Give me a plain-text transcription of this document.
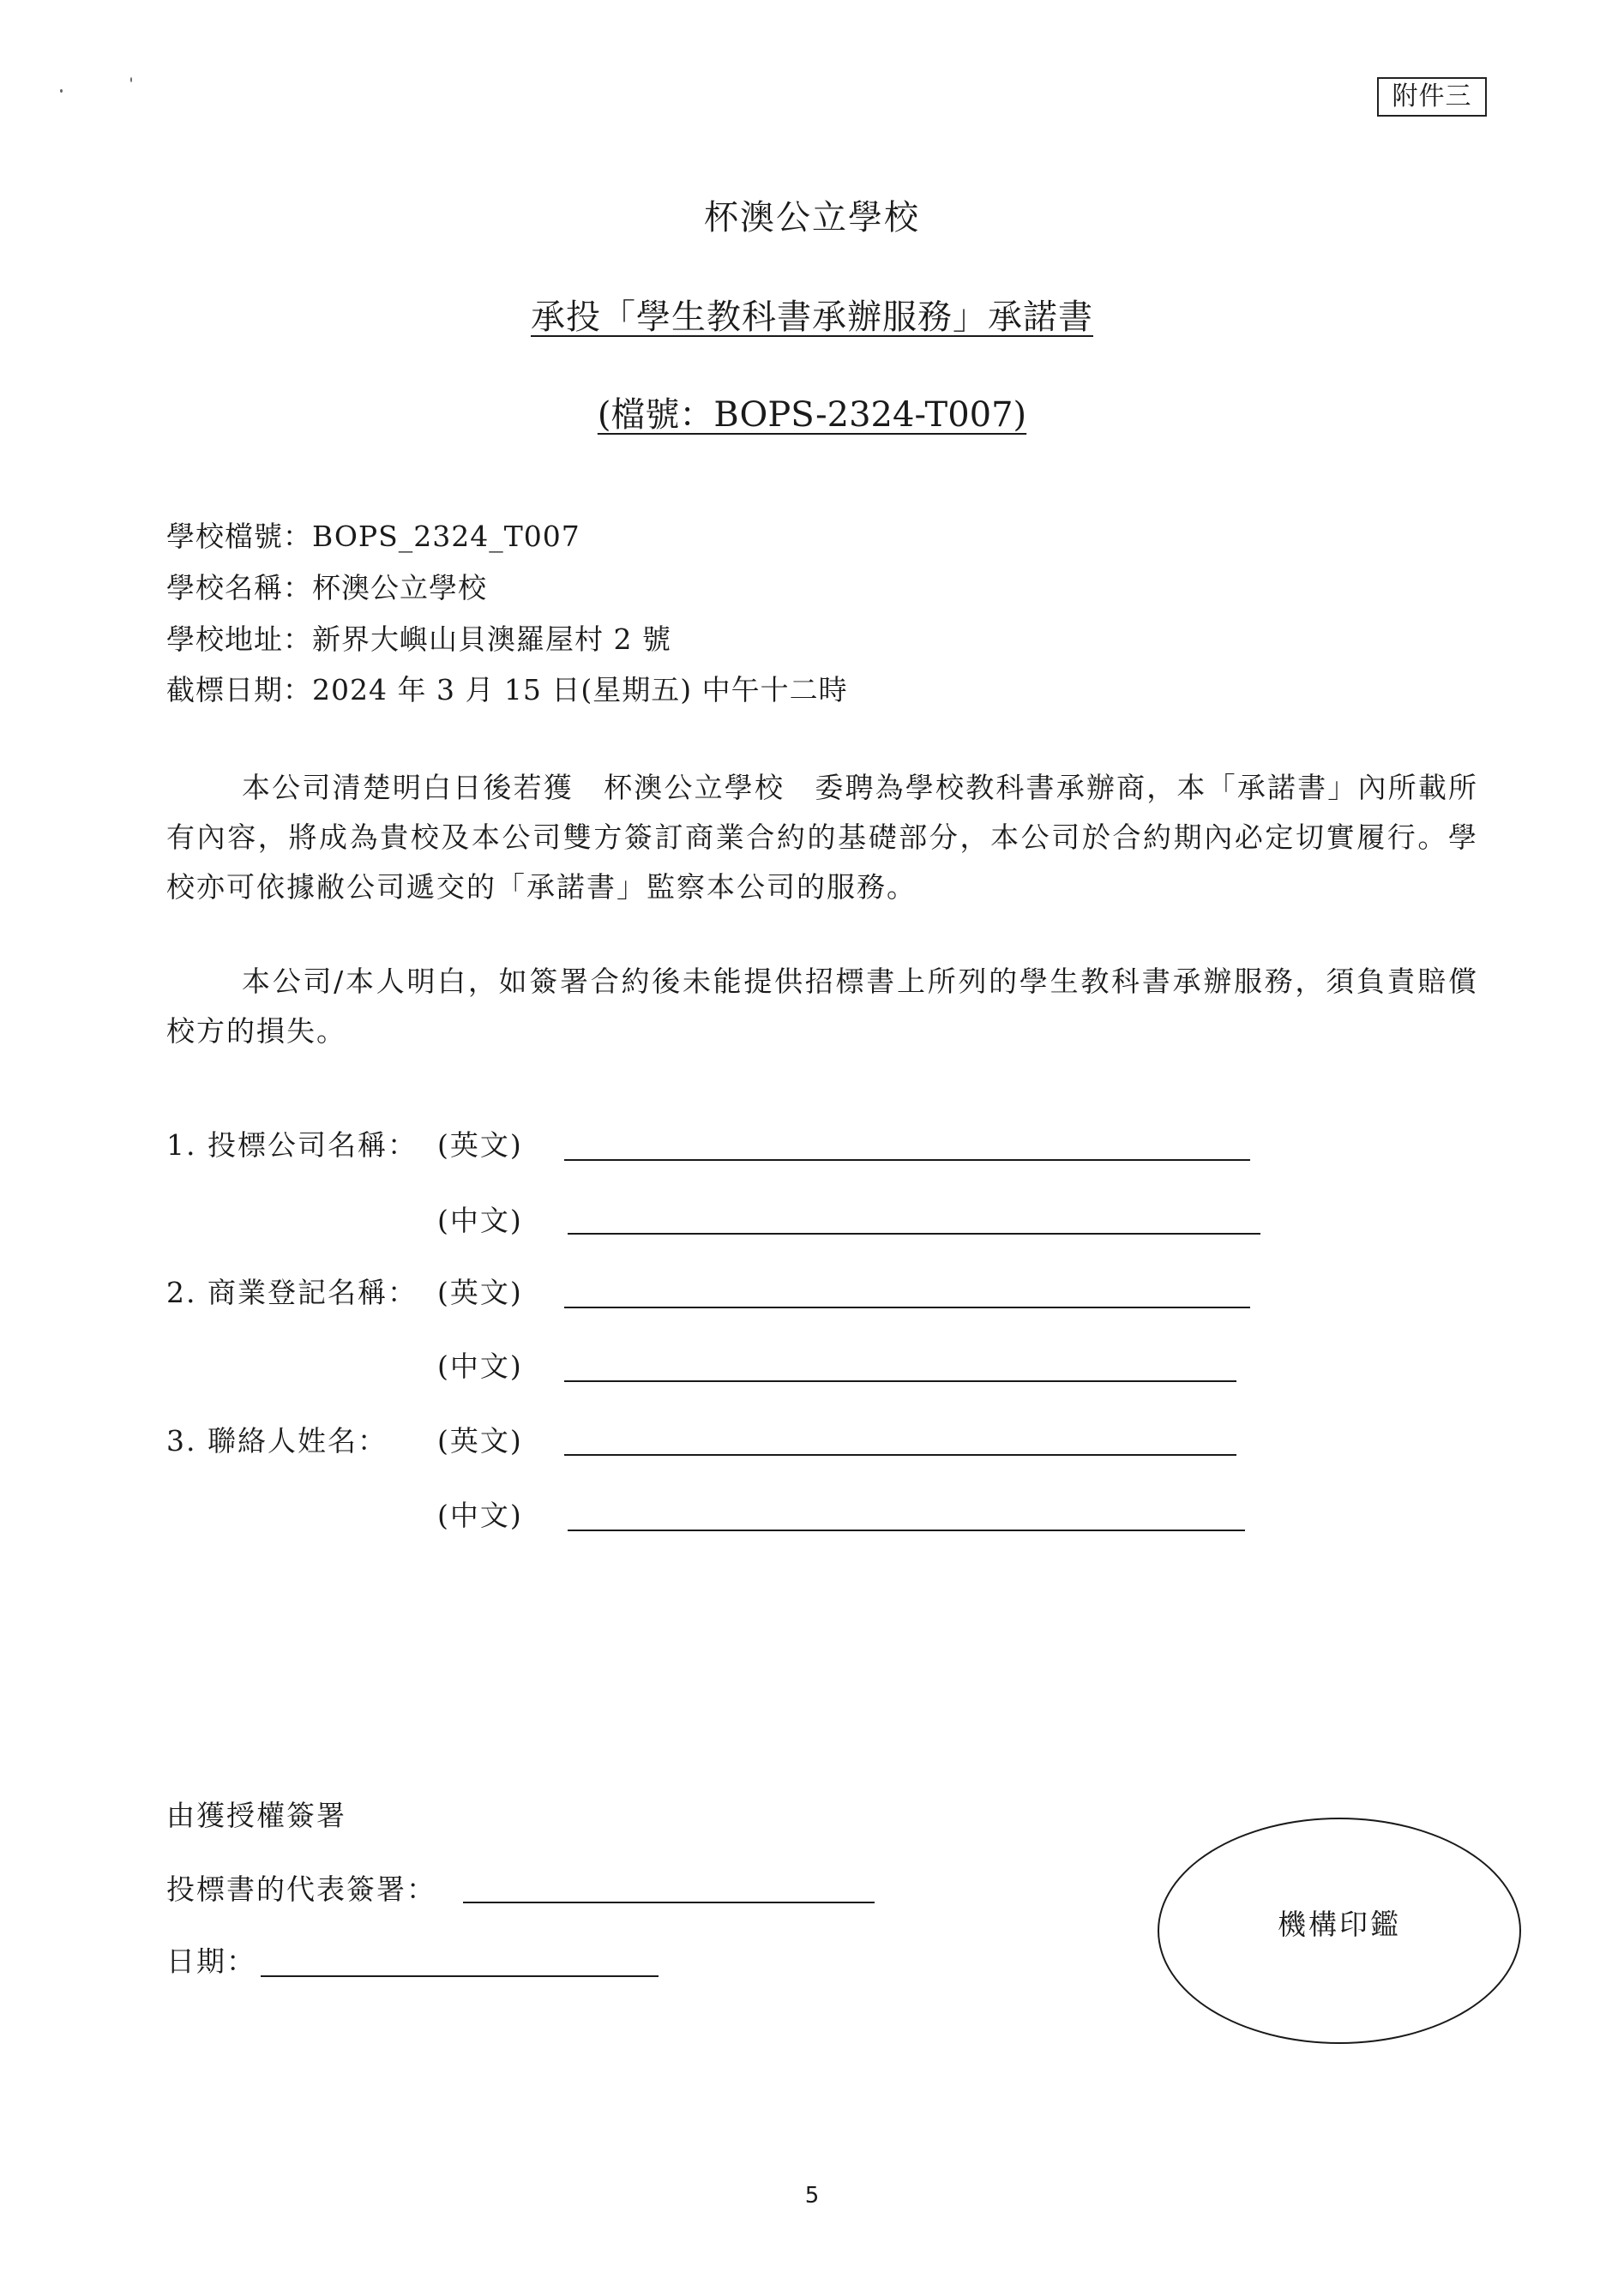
附件三
杯澳公立學校
承投「學生教科書承辦服務」承諾書
(檔號：BOPS-2324-T007)
學校檔號：BOPS_2324_T007
學校名稱：杯澳公立學校
學校地址：新界大嶼山貝澳羅屋村 2 號
截標日期：2024 年 3 月 15 日(星期五) 中午十二時

本公司清楚明白日後若獲　杯澳公立學校　委聘為學校教科書承辦商，本「承諾書」內所載所有內容，將成為貴校及本公司雙方簽訂商業合約的基礎部分，本公司於合約期內必定切實履行。學校亦可依據敝公司遞交的「承諾書」監察本公司的服務。

本公司/本人明白，如簽署合約後未能提供招標書上所列的學生教科書承辦服務，須負責賠償校方的損失。

1. 投標公司名稱： (英文)
(中文)
2. 商業登記名稱： (英文)
(中文)
3. 聯絡人姓名： (英文)
(中文)
由獲授權簽署
投標書的代表簽署：
日期：
機構印鑑
5
